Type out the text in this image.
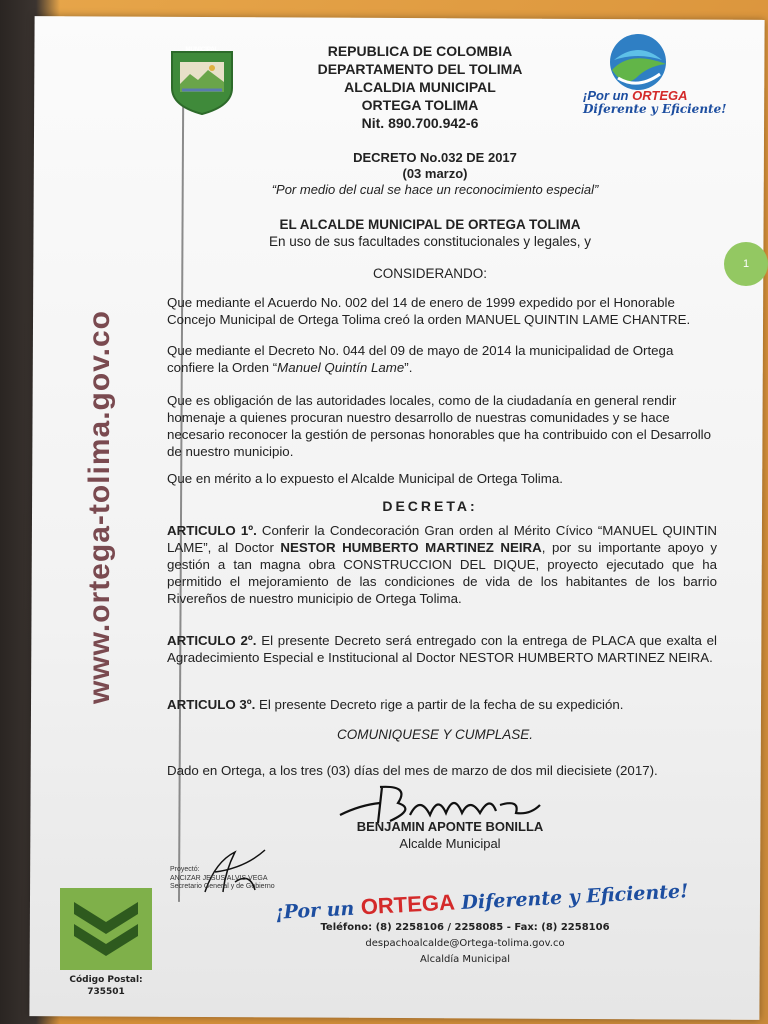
www.ortega-tolima.gov.co
MUNICIPAL	REPUBLICA DE COLOMBIA
DEPARTAMENTO DEL TOLIMA
ALCALDIA MUNICIPAL
ORTEGA TOLIMA
Nit. 890.700.942-6
¡Por un ORTEGA
Diferente y Eficiente!
DECRETO No.032 DE 2017
(03 marzo)
“Por medio del cual se hace un reconocimiento especial”
EL ALCALDE MUNICIPAL DE ORTEGA TOLIMA
En uso de sus facultades constitucionales y legales, y
CONSIDERANDO:
Que mediante el Acuerdo No. 002 del 14 de enero de 1999 expedido por el Honorable Concejo Municipal de Ortega Tolima creó la orden MANUEL QUINTIN LAME CHANTRE.
Que mediante el Decreto No. 044 del 09 de mayo de 2014 la municipalidad de Ortega confiere la Orden “Manuel Quintín Lame”.
Que es obligación de las autoridades locales, como de la ciudadanía en general rendir homenaje a quienes procuran nuestro desarrollo de nuestras comunidades y se hace necesario reconocer la gestión de personas honorables que ha contribuido con el Desarrollo de nuestro municipio.
Que en mérito a lo expuesto el Alcalde Municipal de Ortega Tolima.
DECRETA:
ARTICULO 1º. Conferir la Condecoración Gran orden al Mérito Cívico “MANUEL QUINTIN LAME”, al Doctor NESTOR HUMBERTO MARTINEZ NEIRA, por su importante apoyo y gestión a tan magna obra CONSTRUCCION DEL DIQUE, proyecto ejecutado que ha permitido el mejoramiento de las condiciones de vida de los habitantes de los barrio Rivereños de nuestro municipio de Ortega Tolima.
ARTICULO 2º. El presente Decreto será entregado con la entrega de PLACA que exalta el Agradecimiento Especial e Institucional al Doctor NESTOR HUMBERTO MARTINEZ NEIRA.
ARTICULO 3º. El presente Decreto rige a partir de la fecha de su expedición.
COMUNIQUESE Y CUMPLASE.
Dado en Ortega, a los tres (03) días del mes de marzo de dos mil diecisiete (2017).
BENJAMIN APONTE BONILLA
Alcalde Municipal
Proyectó:
ANCIZAR JESUS ALVIS VEGA
Secretario General y de Gobierno
¡Por un ORTEGA Diferente y Eficiente!
Teléfono: (8) 2258106 / 2258085 - Fax: (8) 2258106
despachoalcalde@Ortega-tolima.gov.co
Alcaldía Municipal
Código Postal:
735501
1
